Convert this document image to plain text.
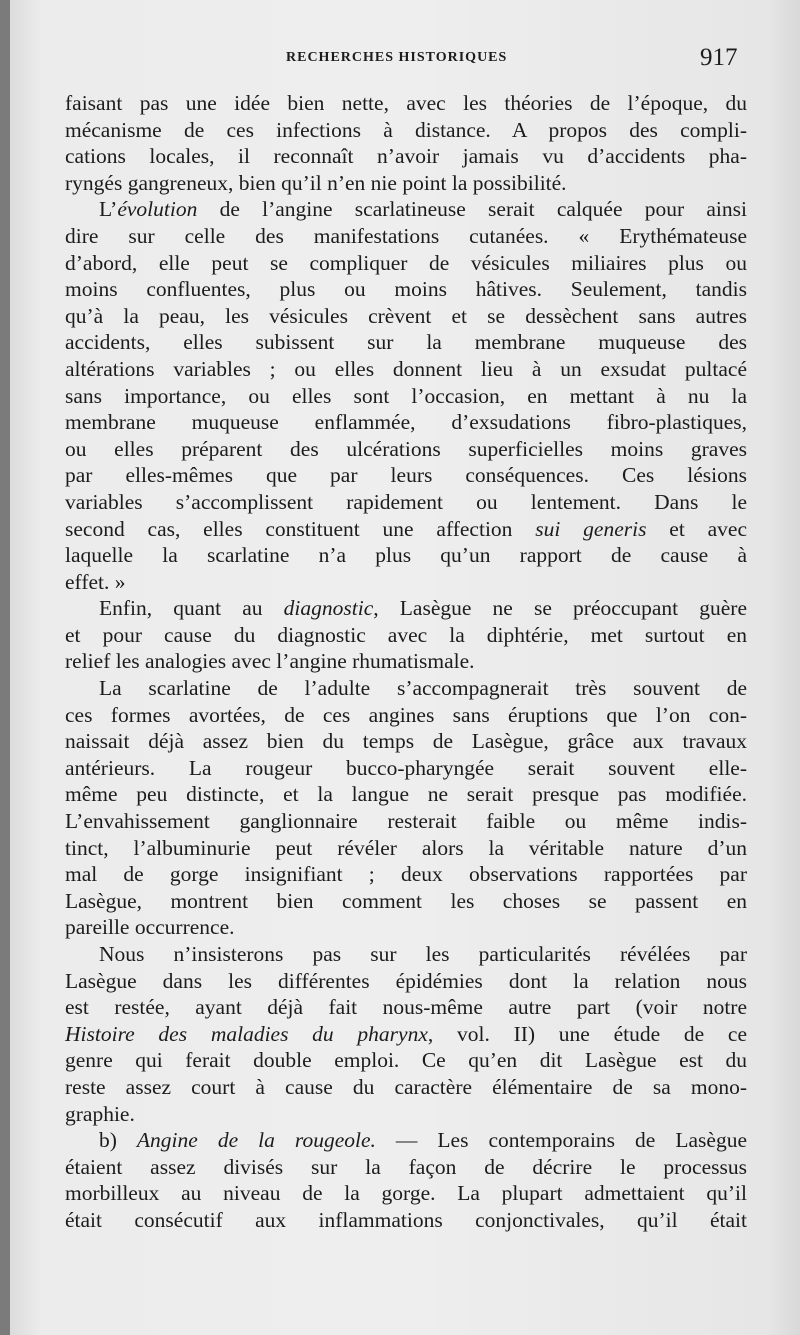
RECHERCHES HISTORIQUES	917
faisant pas une idée bien nette, avec les théories de l’époque, du
mécanisme de ces infections à distance. A propos des compli-
cations locales, il reconnaît n’avoir jamais vu d’accidents pha-
ryngés gangreneux, bien qu’il n’en nie point la possibilité.
L’évolution de l’angine scarlatineuse serait calquée pour ainsi
dire sur celle des manifestations cutanées. « Erythémateuse
d’abord, elle peut se compliquer de vésicules miliaires plus ou
moins confluentes, plus ou moins hâtives. Seulement, tandis
qu’à la peau, les vésicules crèvent et se dessèchent sans autres
accidents, elles subissent sur la membrane muqueuse des
altérations variables ; ou elles donnent lieu à un exsudat pultacé
sans importance, ou elles sont l’occasion, en mettant à nu la
membrane muqueuse enflammée, d’exsudations fibro-plastiques,
ou elles préparent des ulcérations superficielles moins graves
par elles-mêmes que par leurs conséquences. Ces lésions
variables s’accomplissent rapidement ou lentement. Dans le
second cas, elles constituent une affection sui generis et avec
laquelle la scarlatine n’a plus qu’un rapport de cause à
effet. »
Enfin, quant au diagnostic, Lasègue ne se préoccupant guère
et pour cause du diagnostic avec la diphtérie, met surtout en
relief les analogies avec l’angine rhumatismale.
La scarlatine de l’adulte s’accompagnerait très souvent de
ces formes avortées, de ces angines sans éruptions que l’on con-
naissait déjà assez bien du temps de Lasègue, grâce aux travaux
antérieurs. La rougeur bucco-pharyngée serait souvent elle-
même peu distincte, et la langue ne serait presque pas modifiée.
L’envahissement ganglionnaire resterait faible ou même indis-
tinct, l’albuminurie peut révéler alors la véritable nature d’un
mal de gorge insignifiant ; deux observations rapportées par
Lasègue, montrent bien comment les choses se passent en
pareille occurrence.
Nous n’insisterons pas sur les particularités révélées par
Lasègue dans les différentes épidémies dont la relation nous
est restée, ayant déjà fait nous-même autre part (voir notre
Histoire des maladies du pharynx, vol. II) une étude de ce
genre qui ferait double emploi. Ce qu’en dit Lasègue est du
reste assez court à cause du caractère élémentaire de sa mono-
graphie.
b) Angine de la rougeole. — Les contemporains de Lasègue
étaient assez divisés sur la façon de décrire le processus
morbilleux au niveau de la gorge. La plupart admettaient qu’il
était consécutif aux inflammations conjonctivales, qu’il était
